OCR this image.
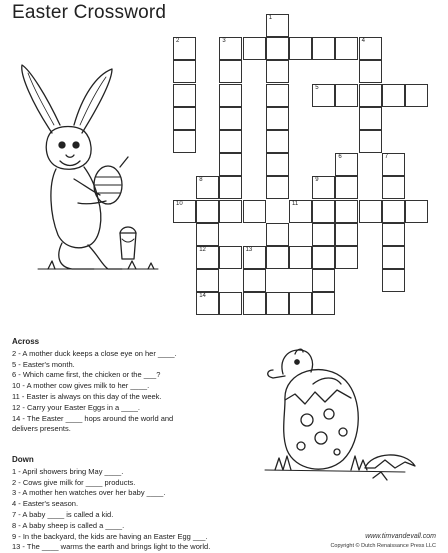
Easter Crossword	1
2	3	4
5
6	7
8	9
10	11
12	13
14
Across
2 - A mother duck keeps a close eye on her ____.
5 - Easter's month.
6 - Which came first, the chicken or the ___?
10 - A mother cow gives milk to her ____.
11 - Easter is always on this day of the week.
12 - Carry your Easter Eggs in a ____.
14 - The Easter ____ hops around the world and
delivers presents.
Down
1 - April showers bring May ____.
2 - Cows give milk for ____ products.
3 - A mother hen watches over her baby ____.
4 - Easter's season.
7 - A baby ____ is called a kid.
8 - A baby sheep is called a ____.
9 - In the backyard, the kids are having an Easter Egg ___.
13 - The ____ warms the earth and brings light to the world.
www.timvandevall.com
Copyright © Dutch Renaissance Press LLC
